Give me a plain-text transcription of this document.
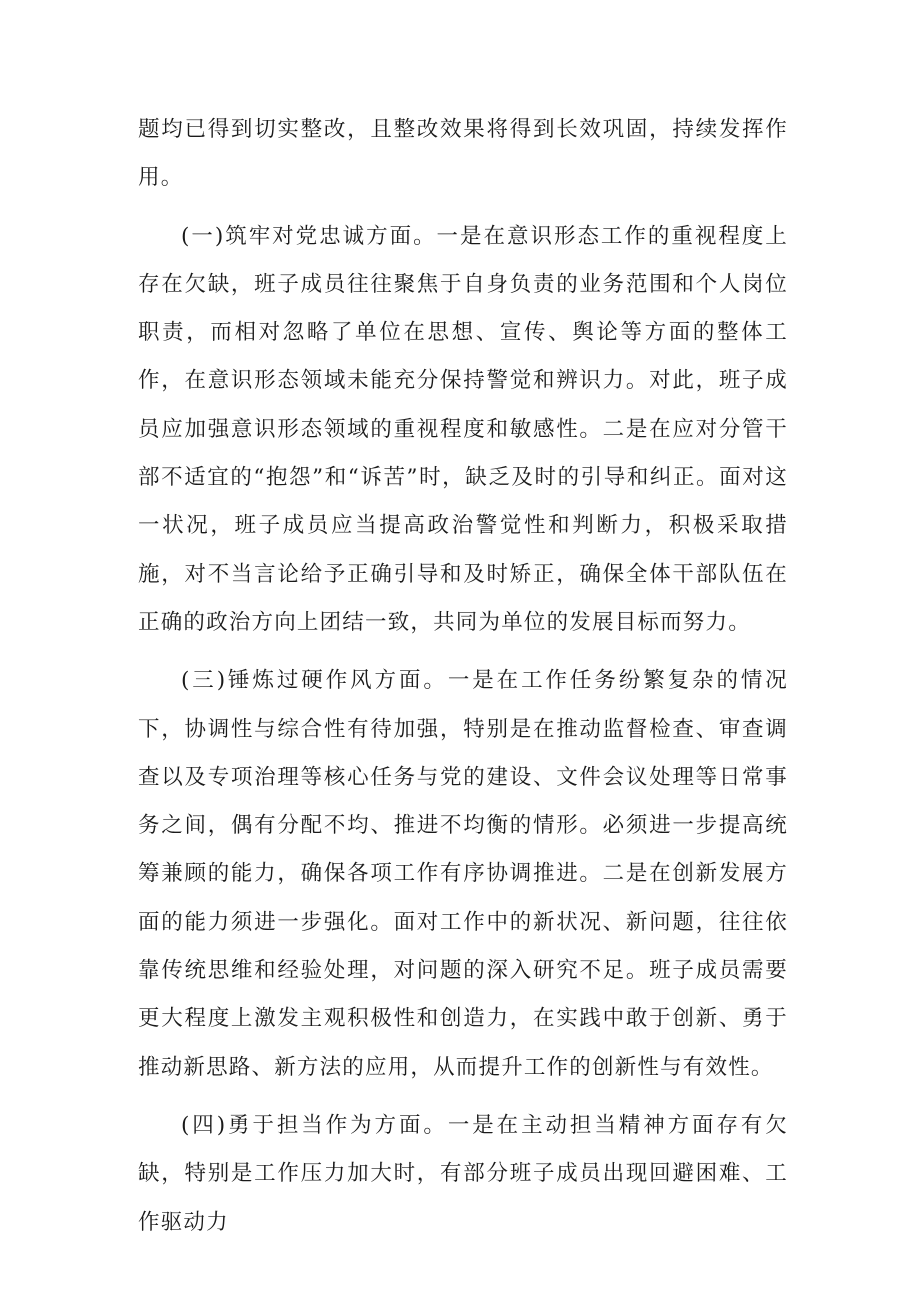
题均已得到切实整改，且整改效果将得到长效巩固，持续发挥作用。

(一)筑牢对党忠诚方面。一是在意识形态工作的重视程度上存在欠缺，班子成员往往聚焦于自身负责的业务范围和个人岗位职责，而相对忽略了单位在思想、宣传、舆论等方面的整体工作，在意识形态领域未能充分保持警觉和辨识力。对此，班子成员应加强意识形态领域的重视程度和敏感性。二是在应对分管干部不适宜的“抱怨”和“诉苦”时，缺乏及时的引导和纠正。面对这一状况，班子成员应当提高政治警觉性和判断力，积极采取措施，对不当言论给予正确引导和及时矫正，确保全体干部队伍在正确的政治方向上团结一致，共同为单位的发展目标而努力。

(三)锤炼过硬作风方面。一是在工作任务纷繁复杂的情况下，协调性与综合性有待加强，特别是在推动监督检查、审查调查以及专项治理等核心任务与党的建设、文件会议处理等日常事务之间，偶有分配不均、推进不均衡的情形。必须进一步提高统筹兼顾的能力，确保各项工作有序协调推进。二是在创新发展方面的能力须进一步强化。面对工作中的新状况、新问题，往往依靠传统思维和经验处理，对问题的深入研究不足。班子成员需要更大程度上激发主观积极性和创造力，在实践中敢于创新、勇于推动新思路、新方法的应用，从而提升工作的创新性与有效性。

(四)勇于担当作为方面。一是在主动担当精神方面存有欠缺，特别是工作压力加大时，有部分班子成员出现回避困难、工作驱动力
